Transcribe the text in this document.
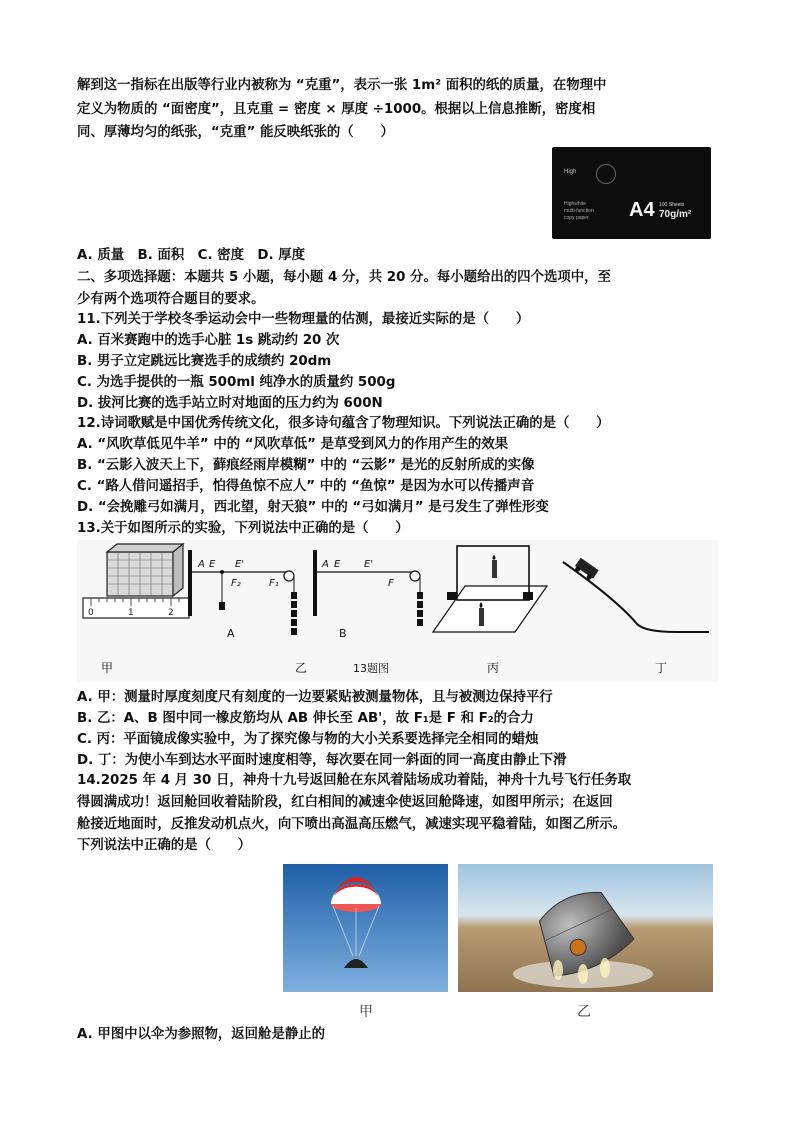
解到这一指标在出版等行业内被称为 “克重”，表示一张 1m² 面积的纸的质量，在物理中
定义为物质的 “面密度”，且克重 = 密度 × 厚度 ÷1000。根据以上信息推断，密度相
同、厚薄均匀的纸张，“克重” 能反映纸张的（　　）
High
Highwhite
multi-function
copy paper A4 100 Sheets
70g/m²
A. 质量　B. 面积　C. 密度　D. 厚度
二、多项选择题：本题共 5 小题，每小题 4 分，共 20 分。每小题给出的四个选项中，至
少有两个选项符合题目的要求。
11.下列关于学校冬季运动会中一些物理量的估测，最接近实际的是（　　）
A. 百米赛跑中的选手心脏 1s 跳动约 20 次
B. 男子立定跳远比赛选手的成绩约 20dm
C. 为选手提供的一瓶 500ml 纯净水的质量约 500g
D. 拔河比赛的选手站立时对地面的压力约为 600N
12.诗词歌赋是中国优秀传统文化，很多诗句蕴含了物理知识。下列说法正确的是（　　）
A. “风吹草低见牛羊” 中的 “风吹草低” 是草受到风力的作用产生的效果
B. “云影入波天上下，藓痕经雨岸模糊” 中的 “云影” 是光的反射所成的实像
C. “路人借问遥招手，怕得鱼惊不应人” 中的 “鱼惊” 是因为水可以传播声音
D. “会挽雕弓如满月，西北望，射天狼” 中的 “弓如满月” 是弓发生了弹性形变
13.关于如图所示的实验，下列说法中正确的是（　　）
0	1	2
A E E'
F₂	F₁
A
A E E'
F
B
甲	乙	13题图	丙	丁
A. 甲：测量时厚度刻度尺有刻度的一边要紧贴被测量物体，且与被测边保持平行
B. 乙：A、B 图中同一橡皮筋均从 AB 伸长至 AB'，故 F₁是 F 和 F₂的合力
C. 丙：平面镜成像实验中，为了探究像与物的大小关系要选择完全相同的蜡烛
D. 丁：为使小车到达水平面时速度相等，每次要在同一斜面的同一高度由静止下滑
14.2025 年 4 月 30 日，神舟十九号返回舱在东风着陆场成功着陆，神舟十九号飞行任务取
得圆满成功！返回舱回收着陆阶段，红白相间的减速伞使返回舱降速，如图甲所示；在返回
舱接近地面时，反推发动机点火，向下喷出高温高压燃气，减速实现平稳着陆，如图乙所示。
下列说法中正确的是（　　）
甲	乙
A. 甲图中以伞为参照物，返回舱是静止的
